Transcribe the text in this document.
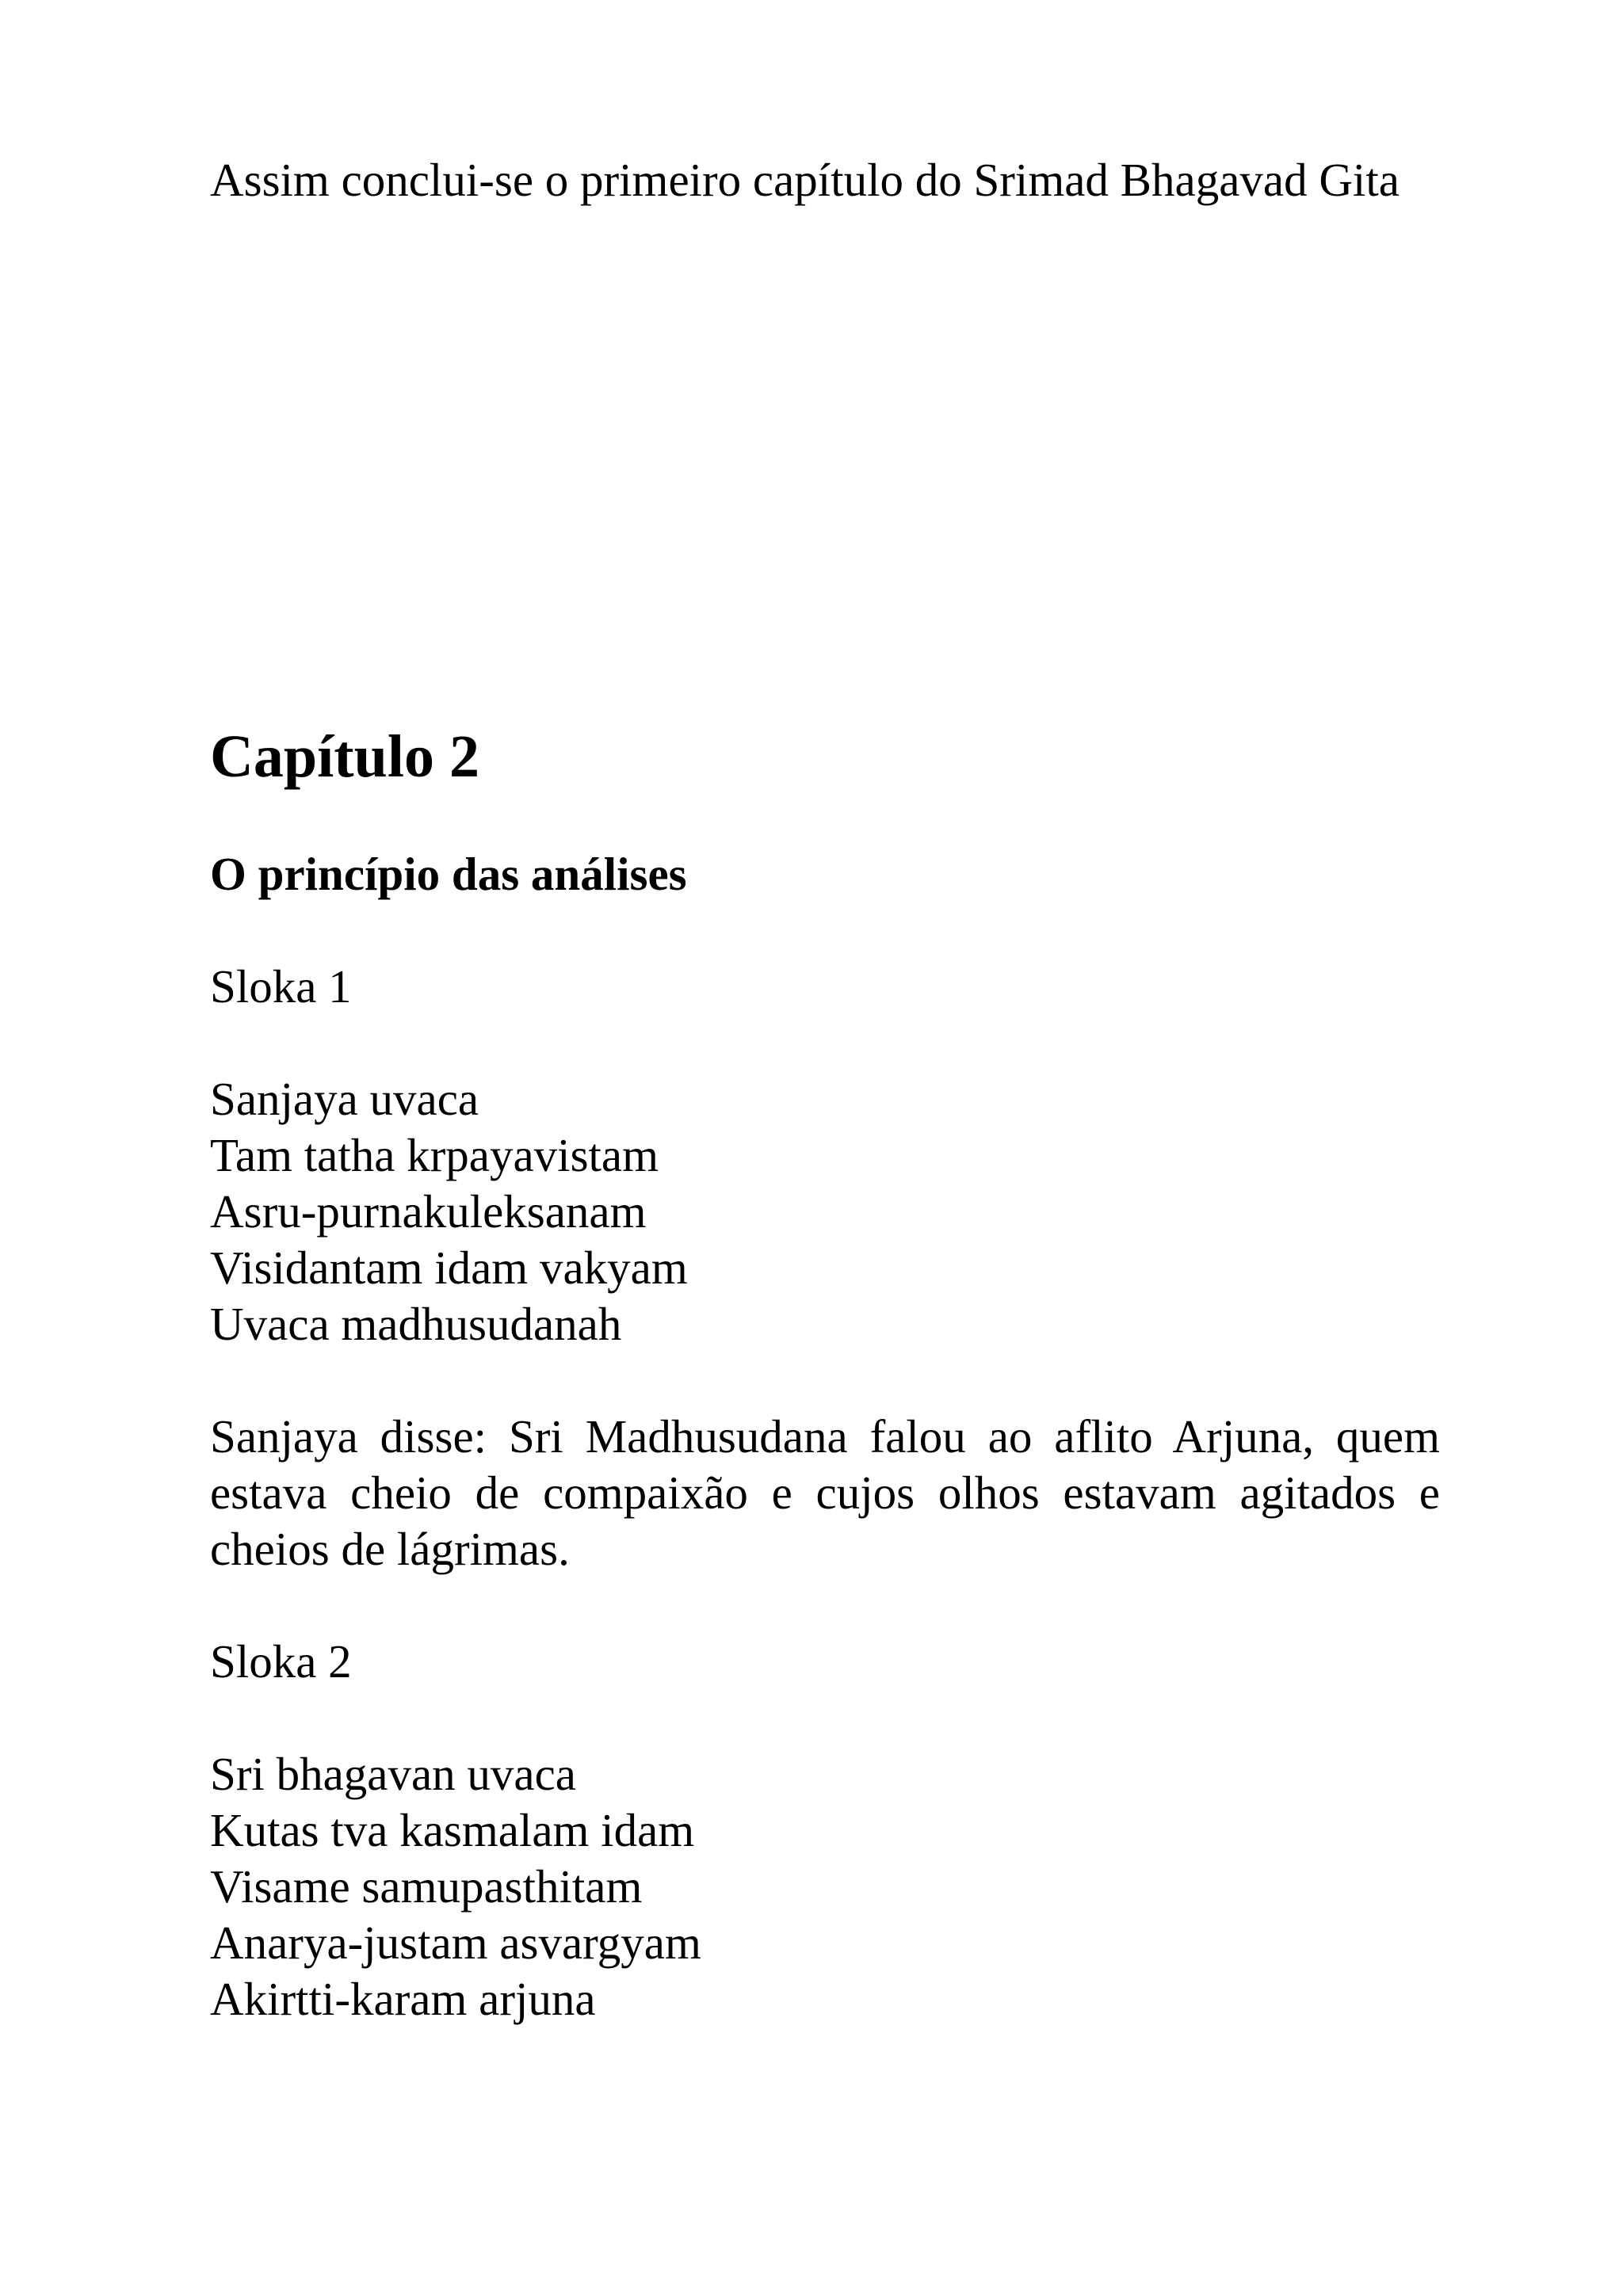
Assim conclui-se o primeiro capítulo do Srimad Bhagavad Gita

Capítulo 2
O princípio das análises
Sloka 1
Sanjaya uvaca
Tam tatha krpayavistam
Asru-purnakuleksanam
Visidantam idam vakyam
Uvaca madhusudanah

Sanjaya disse: Sri Madhusudana falou ao aflito Arjuna, quem estava cheio de compaixão e cujos olhos estavam agitados e cheios de lágrimas.

Sloka 2
Sri bhagavan uvaca
Kutas tva kasmalam idam
Visame samupasthitam
Anarya-justam asvargyam
Akirtti-karam arjuna
